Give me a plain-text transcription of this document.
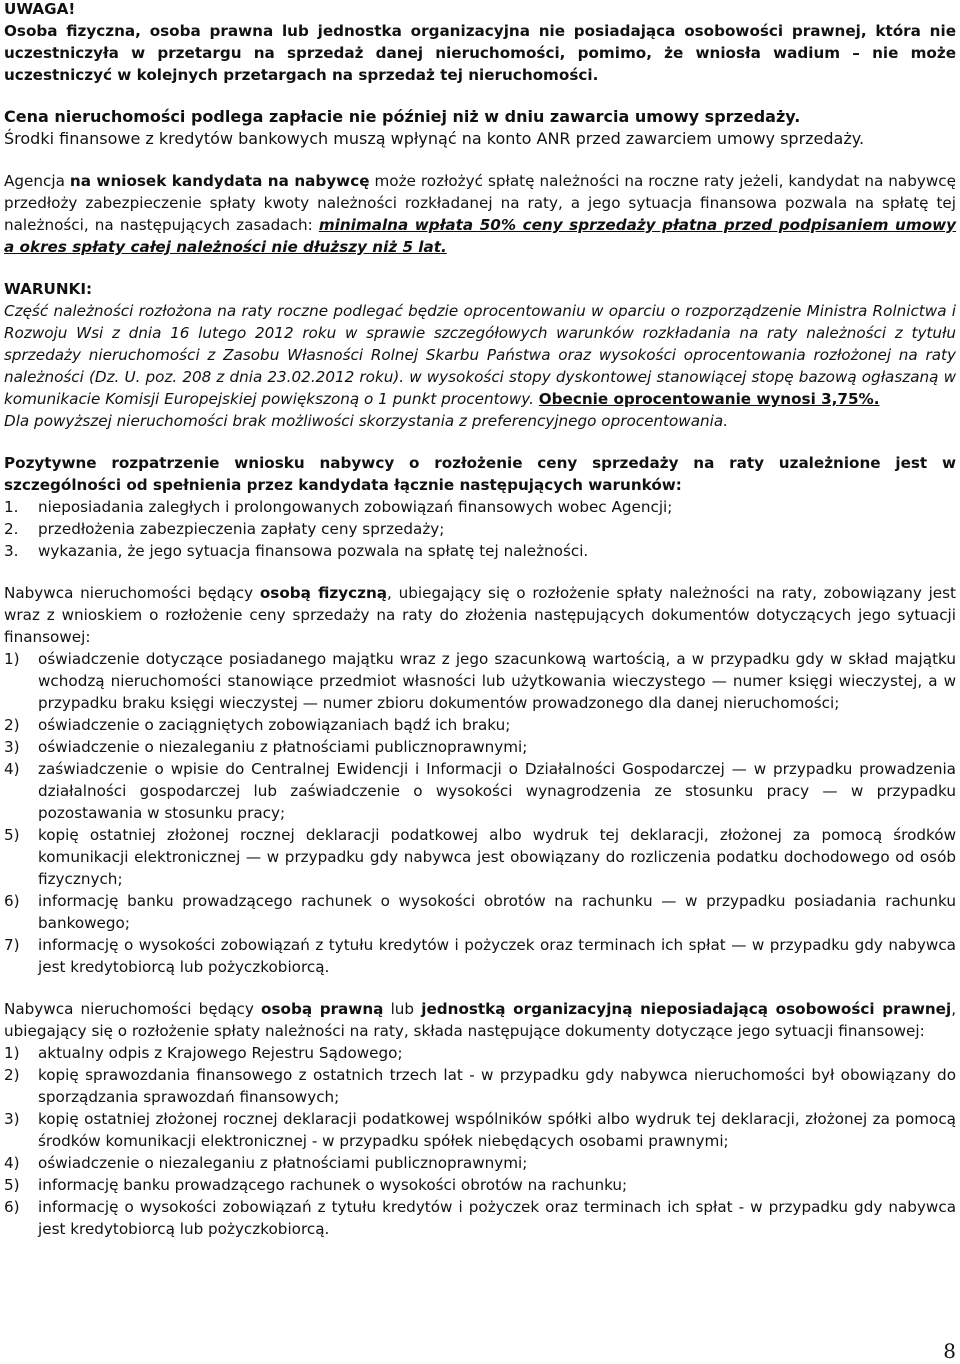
UWAGA!

Osoba fizyczna, osoba prawna lub jednostka organizacyjna nie posiadająca osobowości prawnej, która nie uczestniczyła w przetargu na sprzedaż danej nieruchomości, pomimo, że wniosła wadium – nie może uczestniczyć w kolejnych przetargach na sprzedaż tej nieruchomości.

Cena nieruchomości podlega zapłacie nie później niż w dniu zawarcia umowy sprzedaży.

Środki finansowe z kredytów bankowych muszą wpłynąć na konto ANR przed zawarciem umowy sprzedaży.

Agencja na wniosek kandydata na nabywcę może rozłożyć spłatę należności na roczne raty jeżeli, kandydat na nabywcę przedłoży zabezpieczenie spłaty kwoty należności rozkładanej na raty, a jego sytuacja finansowa pozwala na spłatę tej należności, na następujących zasadach: minimalna wpłata 50% ceny sprzedaży płatna przed podpisaniem umowy a okres spłaty całej należności nie dłuższy niż 5 lat.

WARUNKI:

Część należności rozłożona na raty roczne podlegać będzie oprocentowaniu w oparciu o rozporządzenie Ministra Rolnictwa i Rozwoju Wsi z dnia 16 lutego 2012 roku w sprawie szczegółowych warunków rozkładania na raty należności z tytułu sprzedaży nieruchomości z Zasobu Własności Rolnej Skarbu Państwa oraz wysokości oprocentowania rozłożonej na raty należności (Dz. U. poz. 208 z dnia 23.02.2012 roku). w wysokości stopy dyskontowej stanowiącej stopę bazową ogłaszaną w komunikacie Komisji Europejskiej powiększoną o 1 punkt procentowy. Obecnie oprocentowanie wynosi 3,75%.

Dla powyższej nieruchomości brak możliwości skorzystania z preferencyjnego oprocentowania.

Pozytywne rozpatrzenie wniosku nabywcy o rozłożenie ceny sprzedaży na raty uzależnione jest w szczególności od spełnienia przez kandydata łącznie następujących warunków:

1.	nieposiadania zaległych i prolongowanych zobowiązań finansowych wobec Agencji;
2.	przedłożenia zabezpieczenia zapłaty ceny sprzedaży;
3.	wykazania, że jego sytuacja finansowa pozwala na spłatę tej należności.

Nabywca nieruchomości będący osobą fizyczną, ubiegający się o rozłożenie spłaty należności na raty, zobowiązany jest wraz z wnioskiem o rozłożenie ceny sprzedaży na raty do złożenia następujących dokumentów dotyczących jego sytuacji finansowej:

1)	oświadczenie dotyczące posiadanego majątku wraz z jego szacunkową wartością, a w przypadku gdy w skład majątku wchodzą nieruchomości stanowiące przedmiot własności lub użytkowania wieczystego — numer księgi wieczystej, a w przypadku braku księgi wieczystej — numer zbioru dokumentów prowadzonego dla danej nieruchomości;
2)	oświadczenie o zaciągniętych zobowiązaniach bądź ich braku;
3)	oświadczenie o niezaleganiu z płatnościami publicznoprawnymi;
4)	zaświadczenie o wpisie do Centralnej Ewidencji i Informacji o Działalności Gospodarczej — w przypadku prowadzenia działalności gospodarczej lub zaświadczenie o wysokości wynagrodzenia ze stosunku pracy — w przypadku pozostawania w stosunku pracy;
5)	kopię ostatniej złożonej rocznej deklaracji podatkowej albo wydruk tej deklaracji, złożonej za pomocą środków komunikacji elektronicznej — w przypadku gdy nabywca jest obowiązany do rozliczenia podatku dochodowego od osób fizycznych;
6)	informację banku prowadzącego rachunek o wysokości obrotów na rachunku — w przypadku posiadania rachunku bankowego;
7)	informację o wysokości zobowiązań z tytułu kredytów i pożyczek oraz terminach ich spłat — w przypadku gdy nabywca jest kredytobiorcą lub pożyczkobiorcą.

Nabywca nieruchomości będący osobą prawną lub jednostką organizacyjną nieposiadającą osobowości prawnej, ubiegający się o rozłożenie spłaty należności na raty, składa następujące dokumenty dotyczące jego sytuacji finansowej:

1)	aktualny odpis z Krajowego Rejestru Sądowego;
2)	kopię sprawozdania finansowego z ostatnich trzech lat - w przypadku gdy nabywca nieruchomości był obowiązany do sporządzania sprawozdań finansowych;
3)	kopię ostatniej złożonej rocznej deklaracji podatkowej wspólników spółki albo wydruk tej deklaracji, złożonej za pomocą środków komunikacji elektronicznej - w przypadku spółek niebędących osobami prawnymi;
4)	oświadczenie o niezaleganiu z płatnościami publicznoprawnymi;
5)	informację banku prowadzącego rachunek o wysokości obrotów na rachunku;
6)	informację o wysokości zobowiązań z tytułu kredytów i pożyczek oraz terminach ich spłat - w przypadku gdy nabywca jest kredytobiorcą lub pożyczkobiorcą.
8
